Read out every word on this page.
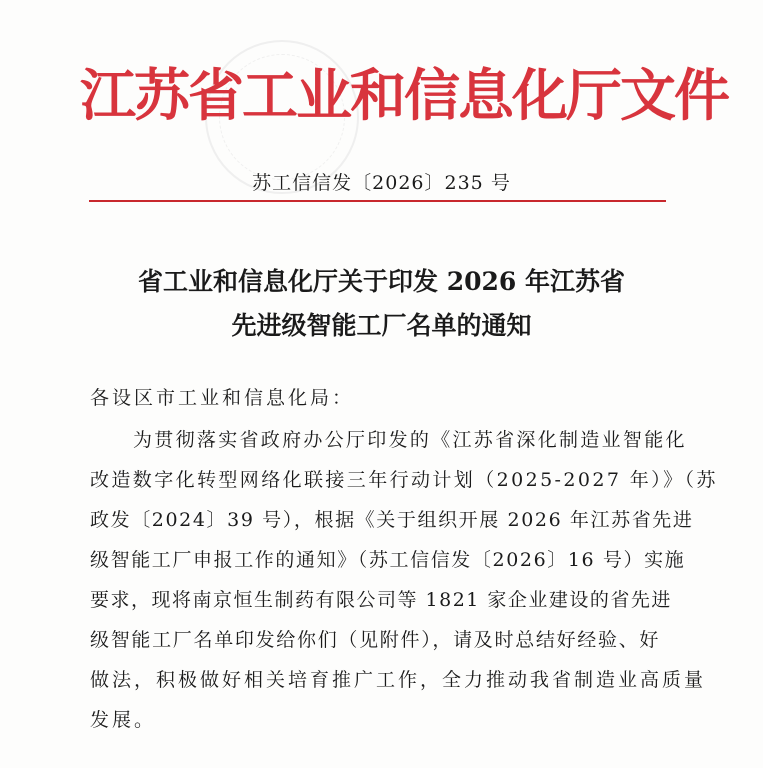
江苏省工业和信息化厅文件
苏工信信发〔2026〕235 号
省工业和信息化厅关于印发 2026 年江苏省
先进级智能工厂名单的通知
各设区市工业和信息化局：
为贯彻落实省政府办公厅印发的《江苏省深化制造业智能化
改造数字化转型网络化联接三年行动计划（2025-2027 年）》（苏
政发〔2024〕39 号），根据《关于组织开展 2026 年江苏省先进
级智能工厂申报工作的通知》（苏工信信发〔2026〕16 号）实施
要求，现将南京恒生制药有限公司等 1821 家企业建设的省先进
级智能工厂名单印发给你们（见附件），请及时总结好经验、好
做法，积极做好相关培育推广工作，全力推动我省制造业高质量
发展。
